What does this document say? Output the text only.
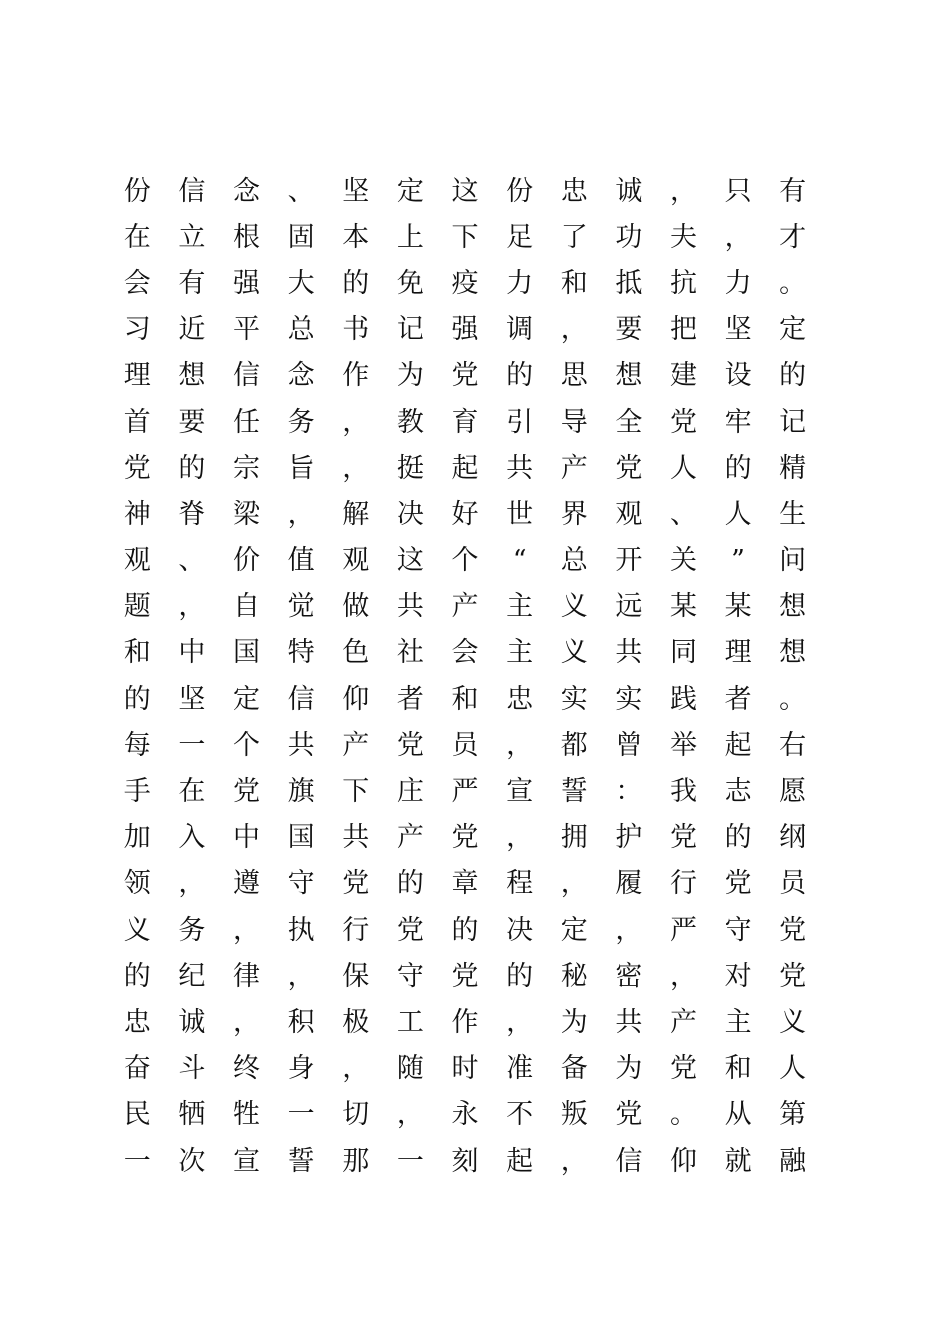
份	信	念	、	坚	定	这	份	忠	诚	，	只	有
在	立	根	固	本	上	下	足	了	功	夫	，	才
会	有	强	大	的	免	疫	力	和	抵	抗	力	。
习	近	平	总	书	记	强	调	，	要	把	坚	定
理	想	信	念	作	为	党	的	思	想	建	设	的
首	要	任	务	，	教	育	引	导	全	党	牢	记
党	的	宗	旨	，	挺	起	共	产	党	人	的	精
神	脊	梁	，	解	决	好	世	界	观	、	人	生
观	、	价	值	观	这	个	“	总	开	关	”	问
题	，	自	觉	做	共	产	主	义	远	某	某	想
和	中	国	特	色	社	会	主	义	共	同	理	想
的	坚	定	信	仰	者	和	忠	实	实	践	者	。
每	一	个	共	产	党	员	，	都	曾	举	起	右
手	在	党	旗	下	庄	严	宣	誓	：	我	志	愿
加	入	中	国	共	产	党	，	拥	护	党	的	纲
领	，	遵	守	党	的	章	程	，	履	行	党	员
义	务	，	执	行	党	的	决	定	，	严	守	党
的	纪	律	，	保	守	党	的	秘	密	，	对	党
忠	诚	，	积	极	工	作	，	为	共	产	主	义
奋	斗	终	身	，	随	时	准	备	为	党	和	人
民	牺	牲	一	切	，	永	不	叛	党	。	从	第
一	次	宣	誓	那	一	刻	起	，	信	仰	就	融
